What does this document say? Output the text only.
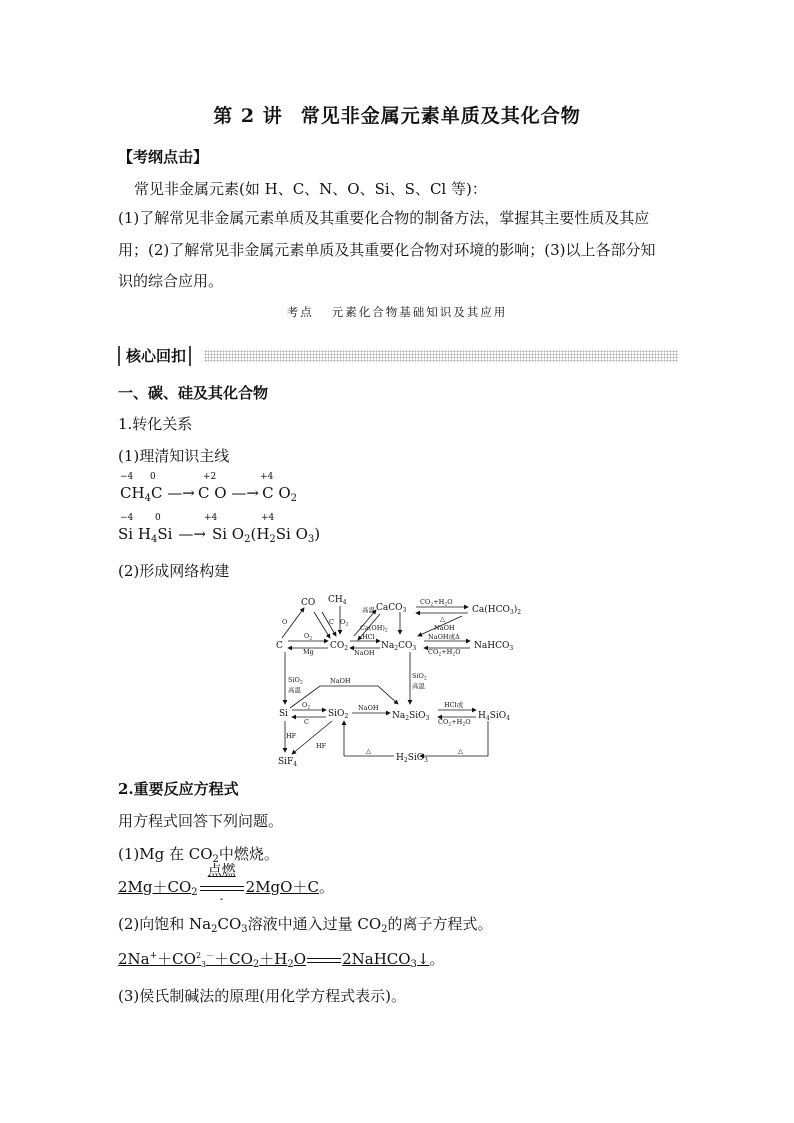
第 2 讲 常见非金属元素单质及其化合物
【考纲点击】
常见非金属元素(如 H、C、N、O、Si、S、Cl 等)：
(1)了解常见非金属元素单质及其重要化合物的制备方法，掌握其主要性质及其应
用；(2)了解常见非金属元素单质及其重要化合物对环境的影响；(3)以上各部分知
识的综合应用。
考点 元素化合物基础知识及其应用
核心回扣
一、碳、硅及其化合物
1.转化关系
(1)理清知识主线
−4 0	+2	+4
$CH_4C$ —→ C O —→ C $O_2$
−4 0	+4	+4
Si $H_4Si$ —→ Si $O_2(H_2Si$ $O_3$)
(2)形成网络构建
CO $CH_4$
C	$CO_2$
CaCO$_3$	$Ca(HCO_3)_2$
$Na_2CO_3$	NaHCO$_3$
Si	SiO$_2$	$Na_2SiO_3$	$H_4SiO_4$
$H_2SiO_3$
SiF$_4$
O
$O_2$
Mg
C $O_2$
高温
$Ca(OH)_2$
HCl
NaOH
$CO_2+H_2O$
△
NaOH
NaOH或Δ
$CO_2+H_2O$
SiO$_2$
高温
NaOH
SiO$_2$
高温
$O_2$
C
NaOH	HCl或
$CO_2+H_2O$
HF
HF
△	△
2.重要反应方程式
用方程式回答下列问题。
(1)Mg 在 $CO_2$中燃烧。
$2Mg+CO_2$
点燃
-
2MgO＋C。
(2)向饱和 $Na_2CO_3$溶液中通入过量 $CO_2$的离子方程式。
$2Na^++CO^2_3^-+CO_2+H_2O$ 2NaHCO$_3$↓。
(3)侯氏制碱法的原理(用化学方程式表示)。
